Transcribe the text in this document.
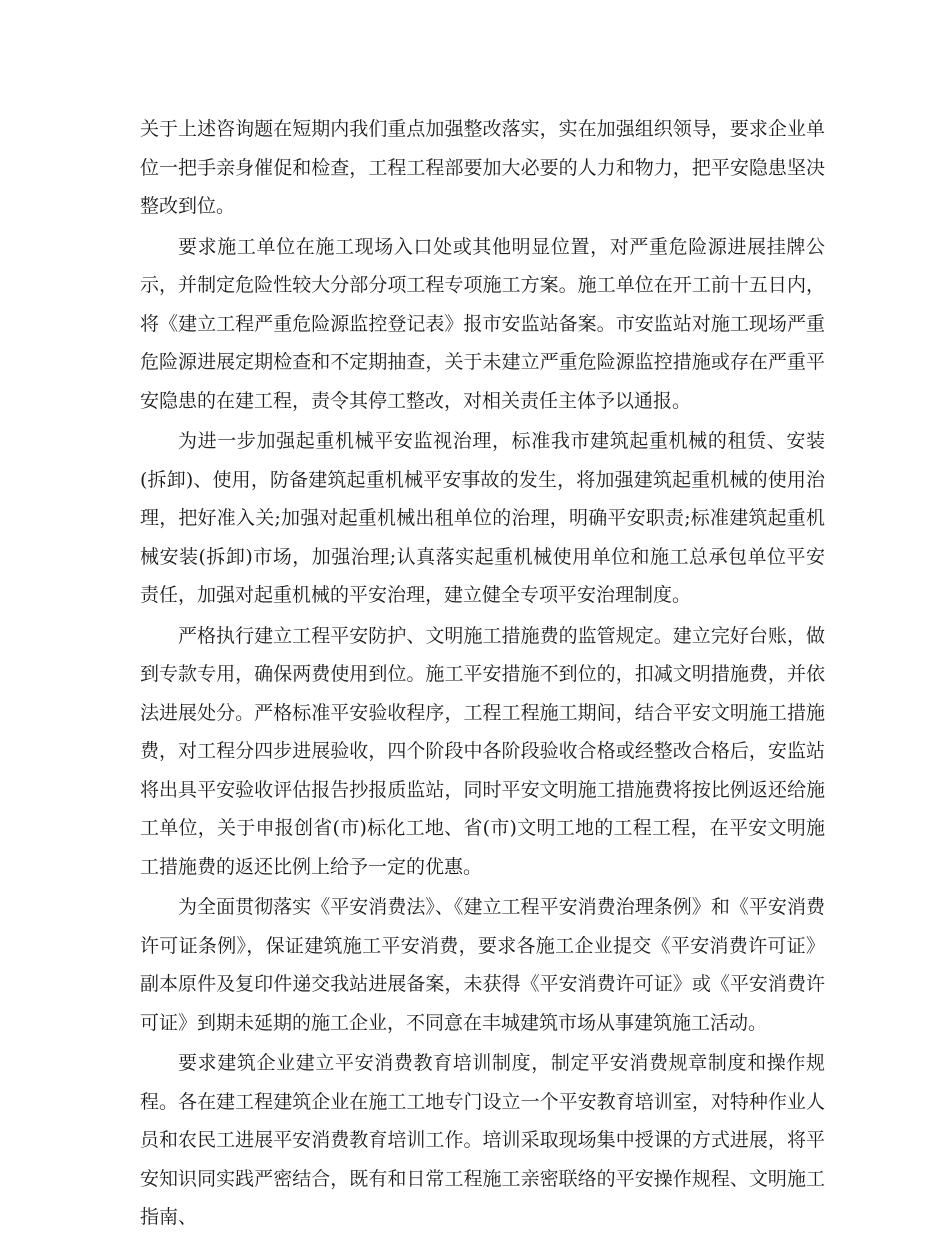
关于上述咨询题在短期内我们重点加强整改落实，实在加强组织领导，要求企业单位一把手亲身催促和检查，工程工程部要加大必要的人力和物力，把平安隐患坚决整改到位。

要求施工单位在施工现场入口处或其他明显位置，对严重危险源进展挂牌公示，并制定危险性较大分部分项工程专项施工方案。施工单位在开工前十五日内，将《建立工程严重危险源监控登记表》报市安监站备案。市安监站对施工现场严重危险源进展定期检查和不定期抽查，关于未建立严重危险源监控措施或存在严重平安隐患的在建工程，责令其停工整改，对相关责任主体予以通报。

为进一步加强起重机械平安监视治理，标准我市建筑起重机械的租赁、安装(拆卸)、使用，防备建筑起重机械平安事故的发生，将加强建筑起重机械的使用治理，把好准入关;加强对起重机械出租单位的治理，明确平安职责;标准建筑起重机械安装(拆卸)市场，加强治理;认真落实起重机械使用单位和施工总承包单位平安责任，加强对起重机械的平安治理，建立健全专项平安治理制度。

严格执行建立工程平安防护、文明施工措施费的监管规定。建立完好台账，做到专款专用，确保两费使用到位。施工平安措施不到位的，扣减文明措施费，并依法进展处分。严格标准平安验收程序，工程工程施工期间，结合平安文明施工措施费，对工程分四步进展验收，四个阶段中各阶段验收合格或经整改合格后，安监站将出具平安验收评估报告抄报质监站，同时平安文明施工措施费将按比例返还给施工单位，关于申报创省(市)标化工地、省(市)文明工地的工程工程，在平安文明施工措施费的返还比例上给予一定的优惠。

为全面贯彻落实《平安消费法》、《建立工程平安消费治理条例》和《平安消费许可证条例》，保证建筑施工平安消费，要求各施工企业提交《平安消费许可证》副本原件及复印件递交我站进展备案，未获得《平安消费许可证》或《平安消费许可证》到期未延期的施工企业，不同意在丰城建筑市场从事建筑施工活动。

要求建筑企业建立平安消费教育培训制度，制定平安消费规章制度和操作规程。各在建工程建筑企业在施工工地专门设立一个平安教育培训室，对特种作业人员和农民工进展平安消费教育培训工作。培训采取现场集中授课的方式进展，将平安知识同实践严密结合，既有和日常工程施工亲密联络的平安操作规程、文明施工指南、
